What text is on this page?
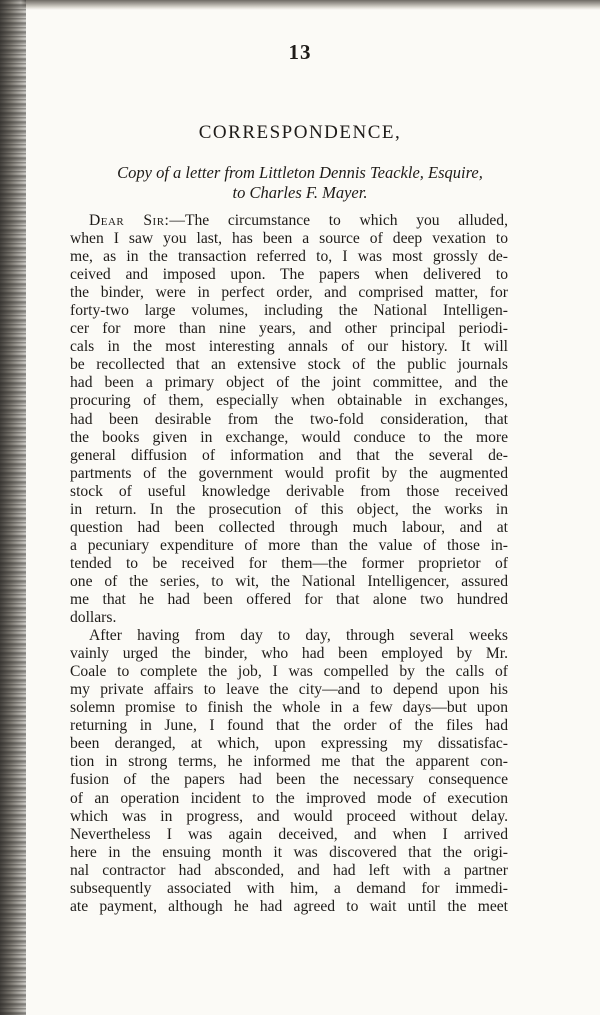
13
CORRESPONDENCE,
Copy of a letter from Littleton Dennis Teackle, Esquire,
to Charles F. Mayer.
Dear Sir:—The circumstance to which you alluded,
when I saw you last, has been a source of deep vexation to
me, as in the transaction referred to, I was most grossly de-
ceived and imposed upon. The papers when delivered to
the binder, were in perfect order, and comprised matter, for
forty-two large volumes, including the National Intelligen-
cer for more than nine years, and other principal periodi-
cals in the most interesting annals of our history. It will
be recollected that an extensive stock of the public journals
had been a primary object of the joint committee, and the
procuring of them, especially when obtainable in exchanges,
had been desirable from the two-fold consideration, that
the books given in exchange, would conduce to the more
general diffusion of information and that the several de-
partments of the government would profit by the augmented
stock of useful knowledge derivable from those received
in return. In the prosecution of this object, the works in
question had been collected through much labour, and at
a pecuniary expenditure of more than the value of those in-
tended to be received for them—the former proprietor of
one of the series, to wit, the National Intelligencer, assured
me that he had been offered for that alone two hundred
dollars.
After having from day to day, through several weeks
vainly urged the binder, who had been employed by Mr.
Coale to complete the job, I was compelled by the calls of
my private affairs to leave the city—and to depend upon his
solemn promise to finish the whole in a few days—but upon
returning in June, I found that the order of the files had
been deranged, at which, upon expressing my dissatisfac-
tion in strong terms, he informed me that the apparent con-
fusion of the papers had been the necessary consequence
of an operation incident to the improved mode of execution
which was in progress, and would proceed without delay.
Nevertheless I was again deceived, and when I arrived
here in the ensuing month it was discovered that the origi-
nal contractor had absconded, and had left with a partner
subsequently associated with him, a demand for immedi-
ate payment, although he had agreed to wait until the meet
